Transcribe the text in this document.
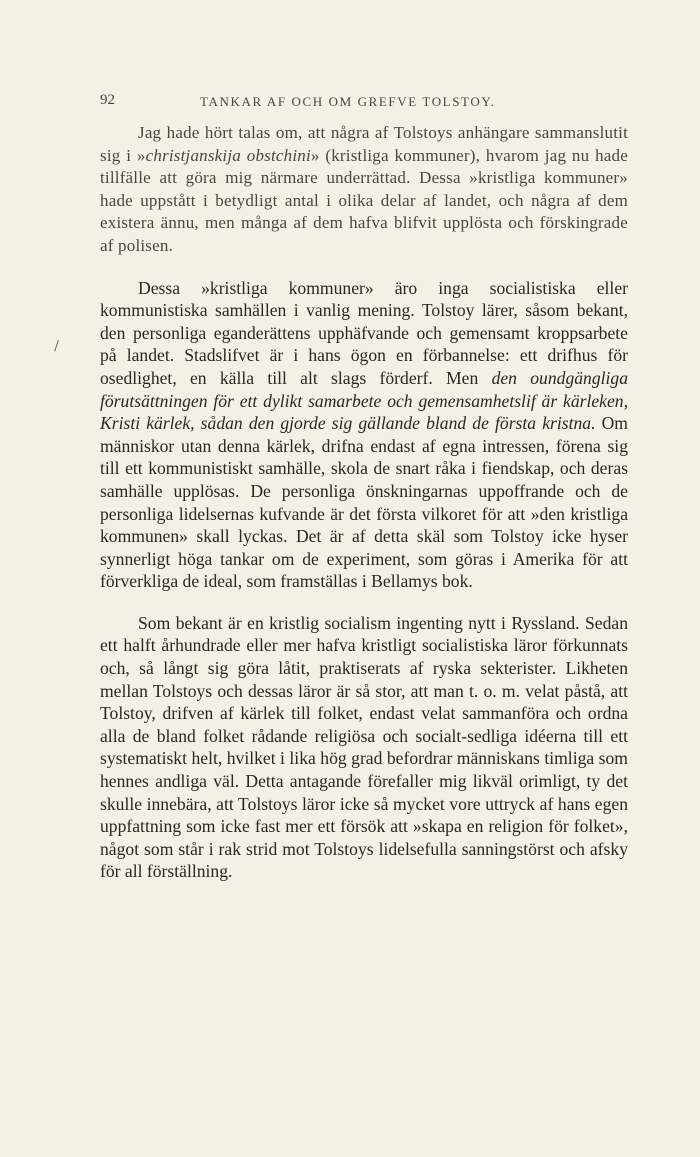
92	TANKAR AF OCH OM GREFVE TOLSTOY.

Jag hade hört talas om, att några af Tolstoys anhängare sammanslutit sig i »christjanskija obstchini» (kristliga kommuner), hvarom jag nu hade tillfälle att göra mig närmare underrättad. Dessa »kristliga kommuner» hade uppstått i betydligt antal i olika delar af landet, och några af dem existera ännu, men många af dem hafva blifvit upplösta och förskingrade af polisen.

Dessa »kristliga kommuner» äro inga socialistiska eller kommunistiska samhällen i vanlig mening. Tolstoy lärer, såsom bekant, den personliga eganderättens upphäfvande och gemensamt kroppsarbete på landet. Stadslifvet är i hans ögon en förbannelse: ett drifhus för osedlighet, en källa till alt slags förderf. Men den oundgängliga förutsättningen för ett dylikt samarbete och gemensamhetslif är kärleken, Kristi kärlek, sådan den gjorde sig gällande bland de första kristna. Om människor utan denna kärlek, drifna endast af egna intressen, förena sig till ett kommunistiskt samhälle, skola de snart råka i fiendskap, och deras samhälle upplösas. De personliga önskningarnas uppoffrande och de personliga lidelsernas kufvande är det första vilkoret för att »den kristliga kommunen» skall lyckas. Det är af detta skäl som Tolstoy icke hyser synnerligt höga tankar om de experiment, som göras i Amerika för att förverkliga de ideal, som framställas i Bellamys bok.

Som bekant är en kristlig socialism ingenting nytt i Ryssland. Sedan ett halft århundrade eller mer hafva kristligt socialistiska läror förkunnats och, så långt sig göra låtit, praktiserats af ryska sekterister. Likheten mellan Tolstoys och dessas läror är så stor, att man t. o. m. velat påstå, att Tolstoy, drifven af kärlek till folket, endast velat sammanföra och ordna alla de bland folket rådande religiösa och socialt-sedliga idéerna till ett systematiskt helt, hvilket i lika hög grad befordrar människans timliga som hennes andliga väl. Detta antagande förefaller mig likväl orimligt, ty det skulle innebära, att Tolstoys läror icke så mycket vore uttryck af hans egen uppfattning som icke fast mer ett försök att »skapa en religion för folket», något som står i rak strid mot Tolstoys lidelsefulla sanningstörst och afsky för all förställning.
